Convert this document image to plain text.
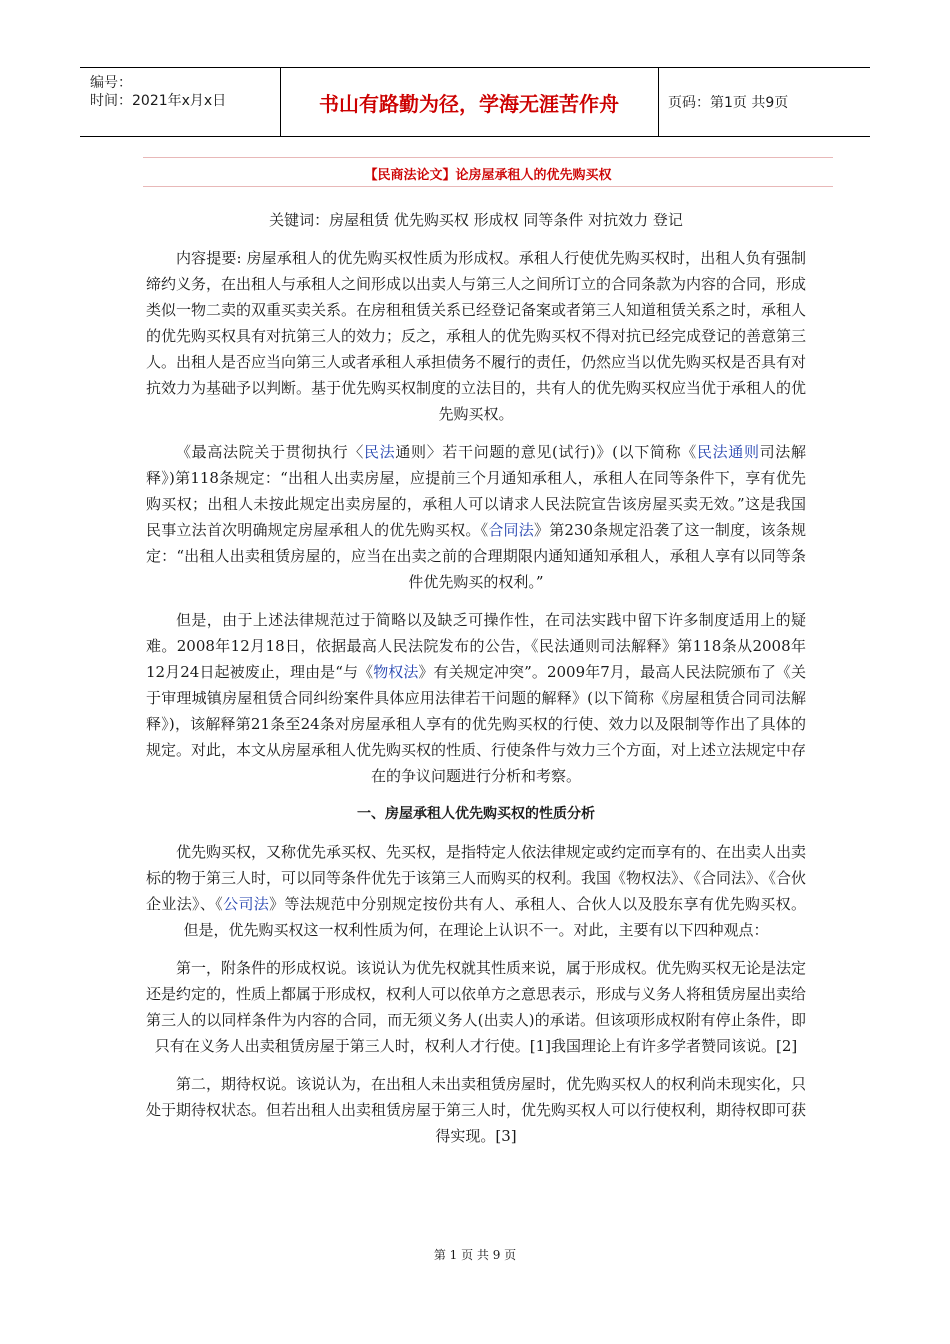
编号：
时间：2021年x月x日	书山有路勤为径，学海无涯苦作舟	页码：第1页 共9页
【民商法论文】论房屋承租人的优先购买权

关键词：房屋租赁 优先购买权 形成权 同等条件 对抗效力 登记

内容提要: 房屋承租人的优先购买权性质为形成权。承租人行使优先购买权时，出租人负有强制缔约义务，在出租人与承租人之间形成以出卖人与第三人之间所订立的合同条款为内容的合同，形成类似一物二卖的双重买卖关系。在房租租赁关系已经登记备案或者第三人知道租赁关系之时，承租人的优先购买权具有对抗第三人的效力；反之，承租人的优先购买权不得对抗已经完成登记的善意第三人。出租人是否应当向第三人或者承租人承担债务不履行的责任，仍然应当以优先购买权是否具有对抗效力为基础予以判断。基于优先购买权制度的立法目的，共有人的优先购买权应当优于承租人的优先购买权。

《最高法院关于贯彻执行〈民法通则〉若干问题的意见(试行)》(以下简称《民法通则司法解释》)第118条规定：“出租人出卖房屋，应提前三个月通知承租人，承租人在同等条件下，享有优先购买权；出租人未按此规定出卖房屋的，承租人可以请求人民法院宣告该房屋买卖无效。”这是我国民事立法首次明确规定房屋承租人的优先购买权。《合同法》第230条规定沿袭了这一制度，该条规定：“出租人出卖租赁房屋的，应当在出卖之前的合理期限内通知通知承租人，承租人享有以同等条件优先购买的权利。”

但是，由于上述法律规范过于简略以及缺乏可操作性，在司法实践中留下许多制度适用上的疑难。2008年12月18日，依据最高人民法院发布的公告，《民法通则司法解释》第118条从2008年12月24日起被废止，理由是“与《物权法》有关规定冲突”。2009年7月，最高人民法院颁布了《关于审理城镇房屋租赁合同纠纷案件具体应用法律若干问题的解释》(以下简称《房屋租赁合同司法解释》)，该解释第21条至24条对房屋承租人享有的优先购买权的行使、效力以及限制等作出了具体的规定。对此，本文从房屋承租人优先购买权的性质、行使条件与效力三个方面，对上述立法规定中存在的争议问题进行分析和考察。

一、房屋承租人优先购买权的性质分析

优先购买权，又称优先承买权、先买权，是指特定人依法律规定或约定而享有的、在出卖人出卖标的物于第三人时，可以同等条件优先于该第三人而购买的权利。我国《物权法》、《合同法》、《合伙企业法》、《公司法》等法规范中分别规定按份共有人、承租人、合伙人以及股东享有优先购买权。但是，优先购买权这一权利性质为何，在理论上认识不一。对此，主要有以下四种观点：

第一，附条件的形成权说。该说认为优先权就其性质来说，属于形成权。优先购买权无论是法定还是约定的，性质上都属于形成权，权利人可以依单方之意思表示，形成与义务人将租赁房屋出卖给第三人的以同样条件为内容的合同，而无须义务人(出卖人)的承诺。但该项形成权附有停止条件，即只有在义务人出卖租赁房屋于第三人时，权利人才行使。[1]我国理论上有许多学者赞同该说。[2]

第二，期待权说。该说认为，在出租人未出卖租赁房屋时，优先购买权人的权利尚未现实化，只处于期待权状态。但若出租人出卖租赁房屋于第三人时，优先购买权人可以行使权利，期待权即可获得实现。[3]

第 1 页 共 9 页
